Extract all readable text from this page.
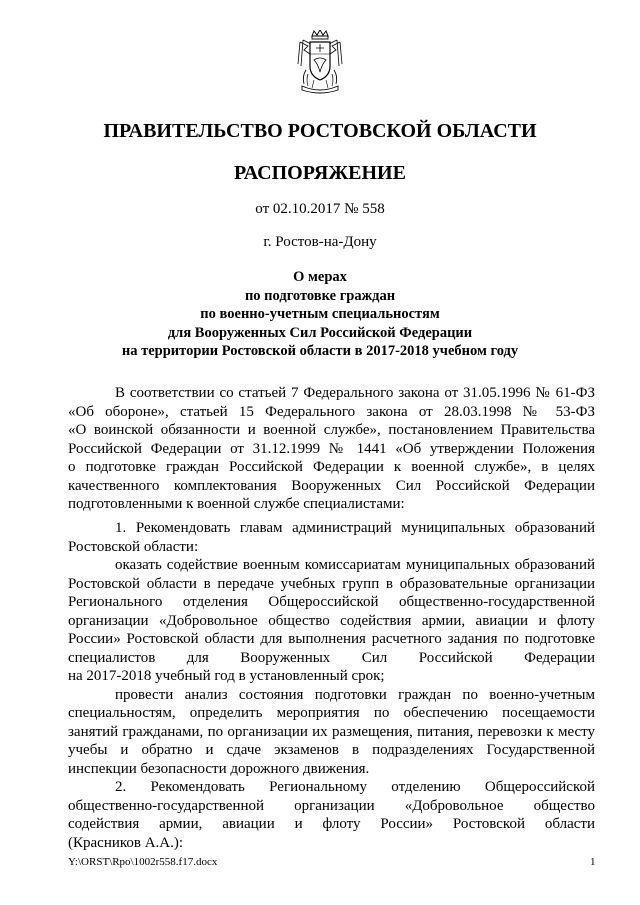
ПРАВИТЕЛЬСТВО РОСТОВСКОЙ ОБЛАСТИ
РАСПОРЯЖЕНИЕ
от 02.10.2017 № 558
г. Ростов-на-Дону
О мерах
по подготовке граждан
по военно-учетным специальностям
для Вооруженных Сил Российской Федерации
на территории Ростовской области в 2017-2018 учебном году
В соответствии со статьей 7 Федерального закона от 31.05.1996 № 61-ФЗ
«Об обороне», статьей 15 Федерального закона от 28.03.1998 № 53-ФЗ
«О воинской обязанности и военной службе», постановлением Правительства
Российской Федерации от 31.12.1999 № 1441 «Об утверждении Положения
о подготовке граждан Российской Федерации к военной службе», в целях
качественного комплектования Вооруженных Сил Российской Федерации
подготовленными к военной службе специалистами:
1. Рекомендовать главам администраций муниципальных образований
Ростовской области:
оказать содействие военным комиссариатам муниципальных образований
Ростовской области в передаче учебных групп в образовательные организации
Регионального отделения Общероссийской общественно-государственной
организации «Добровольное общество содействия армии, авиации и флоту
России» Ростовской области для выполнения расчетного задания по подготовке
специалистов для Вооруженных Сил Российской Федерации
на 2017-2018 учебный год в установленный срок;
провести анализ состояния подготовки граждан по военно-учетным
специальностям, определить мероприятия по обеспечению посещаемости
занятий гражданами, по организации их размещения, питания, перевозки к месту
учебы и обратно и сдаче экзаменов в подразделениях Государственной
инспекции безопасности дорожного движения.
2. Рекомендовать Региональному отделению Общероссийской
общественно-государственной организации «Добровольное общество
содействия армии, авиации и флоту России» Ростовской области
(Красников А.А.):
Y:\ORST\Rpo\1002r558.f17.docx	1
